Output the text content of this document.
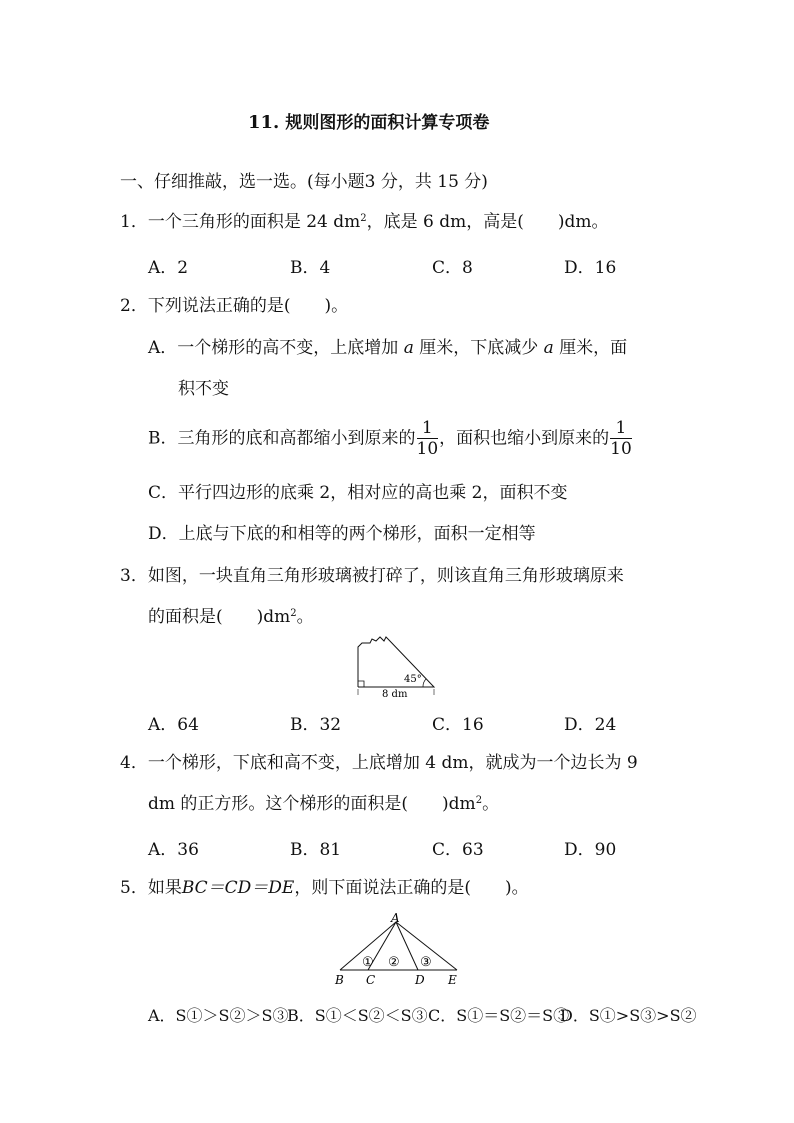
11. 规则图形的面积计算专项卷
一、仔细推敲，选一选。(每小题3 分，共 15 分)
1．一个三角形的面积是 24 $dm^2$，底是 6 dm，高是(　　)dm。
A．2	B．4	C．8	D．16
2．下列说法正确的是(　　)。
A．一个梯形的高不变，上底增加 a 厘米，下底减少 a 厘米，面
积不变
B．三角形的底和高都缩小到原来的 $\frac{1}{10}$ ，面积也缩小到原来的 $\frac{1}{10}$
C．平行四边形的底乘 2，相对应的高也乘 2，面积不变
D．上底与下底的和相等的两个梯形，面积一定相等
3．如图，一块直角三角形玻璃被打碎了，则该直角三角形玻璃原来
的面积是(　　)$dm^2$。
45°
8 dm
A．64	B．32	C．16	D．24
4．一个梯形，下底和高不变，上底增加 4 dm，就成为一个边长为 9
dm 的正方形。这个梯形的面积是(　　)$dm^2$。
A．36	B．81	C．63	D．90
5．如果BC＝CD＝DE，则下面说法正确的是(　　)。
A
B C	D E
① ② ③
A．S①＞S②＞S③
B．S①＜S②＜S③ C．S①＝S②＝S③
D．S①>S③>S②
